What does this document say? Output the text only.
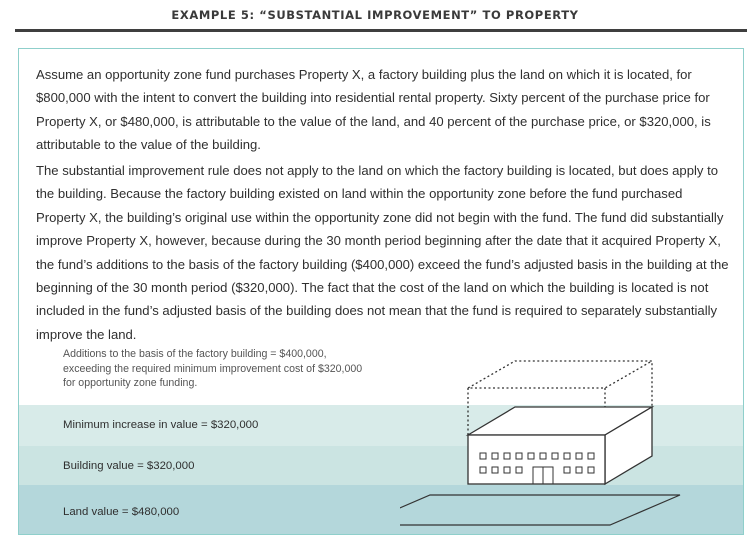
EXAMPLE 5: “SUBSTANTIAL IMPROVEMENT” TO PROPERTY

Assume an opportunity zone fund purchases Property X, a factory building plus the land on which it is located, for $800,000 with the intent to convert the building into residential rental property. Sixty percent of the purchase price for Property X, or $480,000, is attributable to the value of the land, and 40 percent of the purchase price, or $320,000, is attributable to the value of the building.

The substantial improvement rule does not apply to the land on which the factory building is located, but does apply to the building. Because the factory building existed on land within the opportunity zone before the fund purchased Property X, the building’s original use within the opportunity zone did not begin with the fund. The fund did substantially improve Property X, however, because during the 30 month period beginning after the date that it acquired Property X, the fund’s additions to the basis of the factory building ($400,000) exceed the fund’s adjusted basis in the building at the beginning of the 30 month period ($320,000). The fact that the cost of the land on which the building is located is not included in the fund’s adjusted basis of the building does not mean that the fund is required to separately substantially improve the land.

Additions to the basis of the factory building = $400,000, exceeding the required minimum improvement cost of $320,000 for opportunity zone funding.
Minimum increase in value = $320,000
Building value = $320,000
Land value = $480,000
